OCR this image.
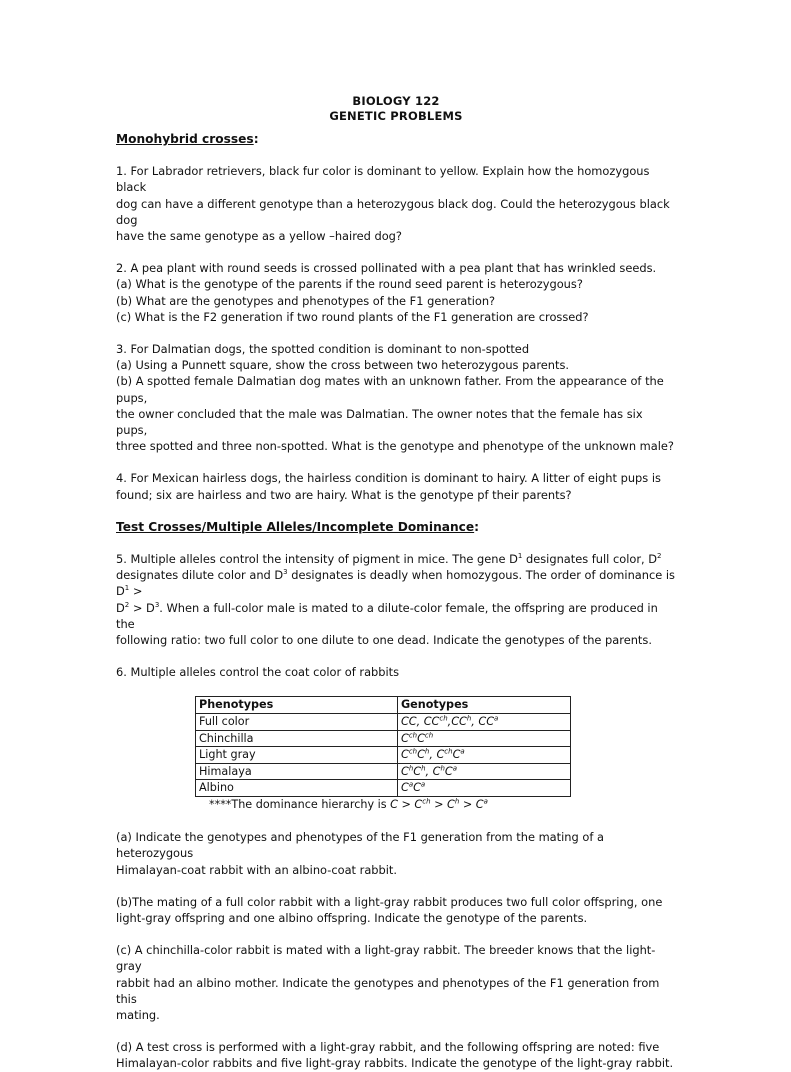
BIOLOGY 122
GENETIC PROBLEMS

Monohybrid crosses:

1. For Labrador retrievers, black fur color is dominant to yellow. Explain how the homozygous black

dog can have a different genotype than a heterozygous black dog. Could the heterozygous black dog

have the same genotype as a yellow –haired dog?

2. A pea plant with round seeds is crossed pollinated with a pea plant that has wrinkled seeds.

(a) What is the genotype of the parents if the round seed parent is heterozygous?

(b) What are the genotypes and phenotypes of the F1 generation?

(c) What is the F2 generation if two round plants of the F1 generation are crossed?

3. For Dalmatian dogs, the spotted condition is dominant to non-spotted

(a) Using a Punnett square, show the cross between two heterozygous parents.

(b) A spotted female Dalmatian dog mates with an unknown father. From the appearance of the pups,

the owner concluded that the male was Dalmatian. The owner notes that the female has six pups,

three spotted and three non-spotted. What is the genotype and phenotype of the unknown male?

4. For Mexican hairless dogs, the hairless condition is dominant to hairy. A litter of eight pups is

found; six are hairless and two are hairy. What is the genotype pf their parents?

Test Crosses/Multiple Alleles/Incomplete Dominance:

5. Multiple alleles control the intensity of pigment in mice. The gene $D^1$ designates full color, $D^2$

designates dilute color and $D^3$ designates is deadly when homozygous. The order of dominance is $D^1$ >

$D^2 > D^3$. When a full-color male is mated to a dilute-color female, the offspring are produced in the

following ratio: two full color to one dilute to one dead. Indicate the genotypes of the parents.

6. Multiple alleles control the coat color of rabbits

Phenotypes	Genotypes
Full color	CC, $CC^{ch},CC^h$, $CC^a$
Chinchilla	$C^{ch}C^{ch}$
Light gray	$C^{ch}C^h$, $C^{ch}C^a$
Himalaya	$C^hC^h$, $C^hC^a$
Albino	$C^aC^a$

****The dominance hierarchy is $C > C^{ch} > C^h > C^a$

(a) Indicate the genotypes and phenotypes of the F1 generation from the mating of a heterozygous

Himalayan-coat rabbit with an albino-coat rabbit.

(b)The mating of a full color rabbit with a light-gray rabbit produces two full color offspring, one

light-gray offspring and one albino offspring. Indicate the genotype of the parents.

(c) A chinchilla-color rabbit is mated with a light-gray rabbit. The breeder knows that the light-gray

rabbit had an albino mother. Indicate the genotypes and phenotypes of the F1 generation from this

mating.

(d) A test cross is performed with a light-gray rabbit, and the following offspring are noted: five

Himalayan-color rabbits and five light-gray rabbits. Indicate the genotype of the light-gray rabbit.
